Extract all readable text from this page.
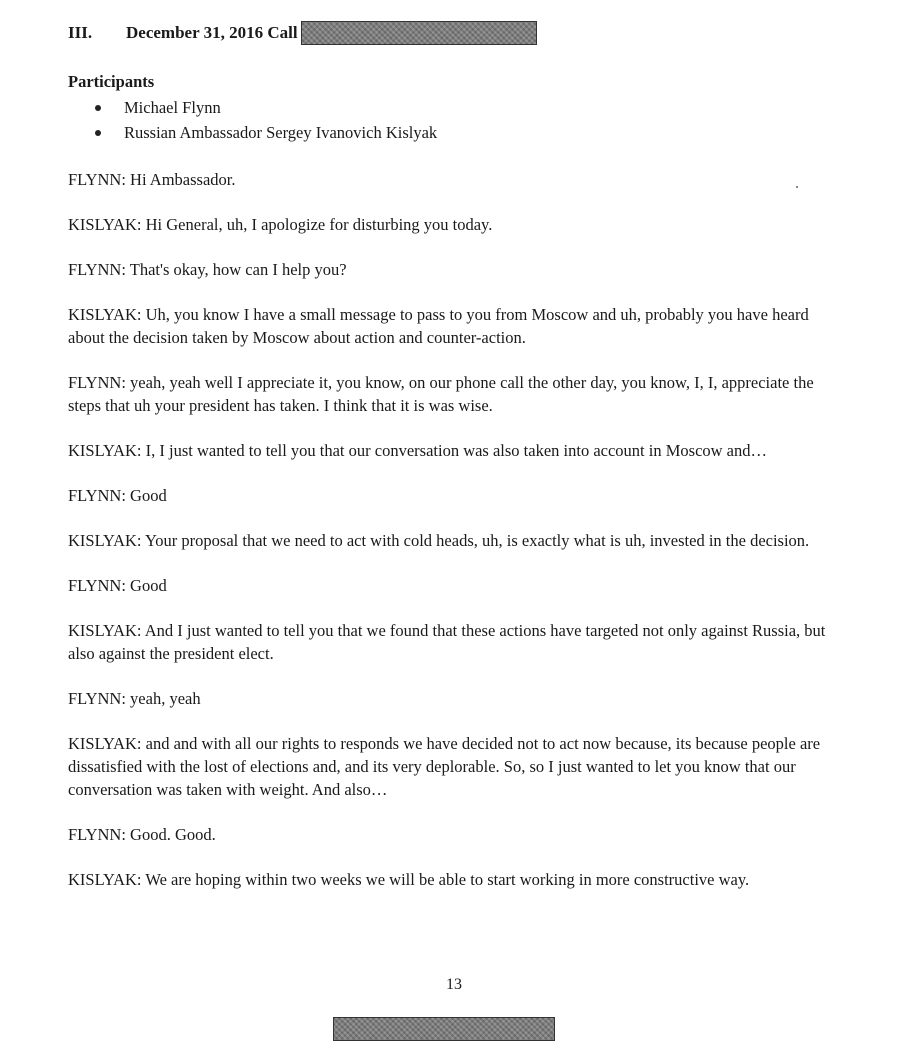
III.	December 31, 2016 Call
Participants
Michael Flynn
Russian Ambassador Sergey Ivanovich Kislyak

FLYNN: Hi Ambassador.

KISLYAK: Hi General, uh, I apologize for disturbing you today.

FLYNN: That's okay, how can I help you?

KISLYAK: Uh, you know I have a small message to pass to you from Moscow and uh, probably you have heard about the decision taken by Moscow about action and counter-action.

FLYNN: yeah, yeah well I appreciate it, you know, on our phone call the other day, you know, I, I, appreciate the steps that uh your president has taken. I think that it is was wise.

KISLYAK: I, I just wanted to tell you that our conversation was also taken into account in Moscow and…

FLYNN: Good

KISLYAK: Your proposal that we need to act with cold heads, uh, is exactly what is uh, invested in the decision.

FLYNN: Good

KISLYAK: And I just wanted to tell you that we found that these actions have targeted not only against Russia, but also against the president elect.

FLYNN: yeah, yeah

KISLYAK: and and with all our rights to responds we have decided not to act now because, its because people are dissatisfied with the lost of elections and, and its very deplorable. So, so I just wanted to let you know that our conversation was taken with weight. And also…

FLYNN: Good. Good.

KISLYAK: We are hoping within two weeks we will be able to start working in more constructive way.

13
